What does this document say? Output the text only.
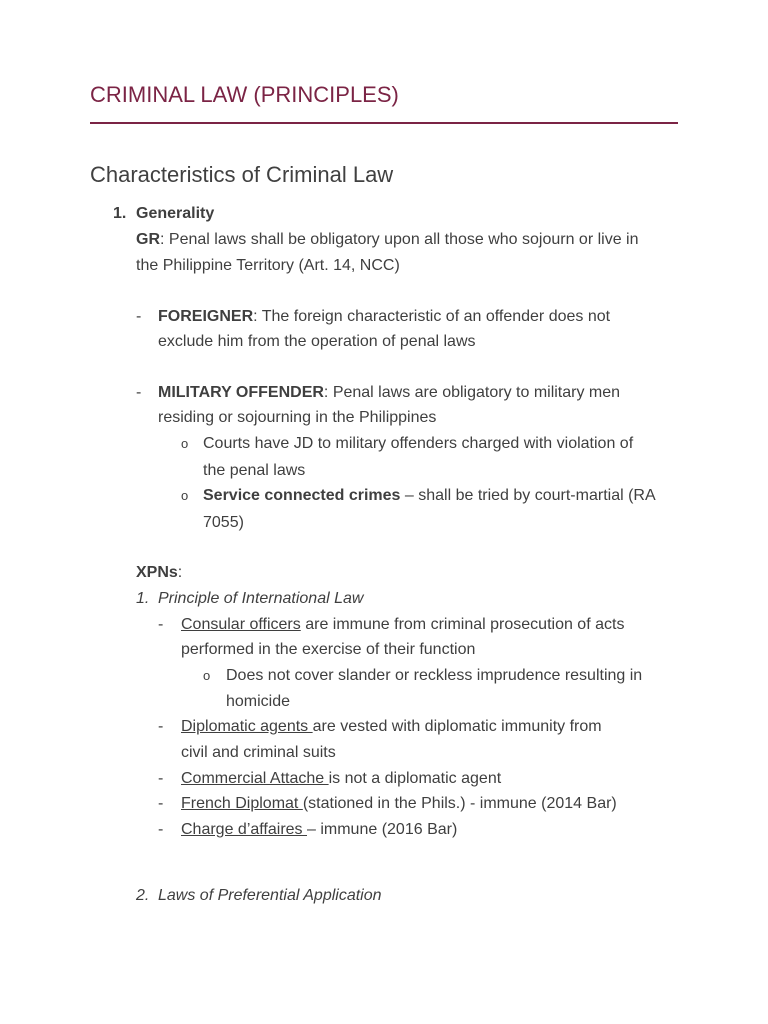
CRIMINAL LAW (PRINCIPLES)
Characteristics of Criminal Law
1. Generality
GR: Penal laws shall be obligatory upon all those who sojourn or live in
the Philippine Territory (Art. 14, NCC)
- FOREIGNER: The foreign characteristic of an offender does not
exclude him from the operation of penal laws
- MILITARY OFFENDER: Penal laws are obligatory to military men
residing or sojourning in the Philippines
o Courts have JD to military offenders charged with violation of
the penal laws
o Service connected crimes – shall be tried by court-martial (RA
7055)
XPNs:
1. Principle of International Law
- Consular officers are immune from criminal prosecution of acts
performed in the exercise of their function
o Does not cover slander or reckless imprudence resulting in
homicide
- Diplomatic agents are vested with diplomatic immunity from
civil and criminal suits
- Commercial Attache is not a diplomatic agent
- French Diplomat (stationed in the Phils.) - immune (2014 Bar)
- Charge d’affaires – immune (2016 Bar)
2. Laws of Preferential Application
